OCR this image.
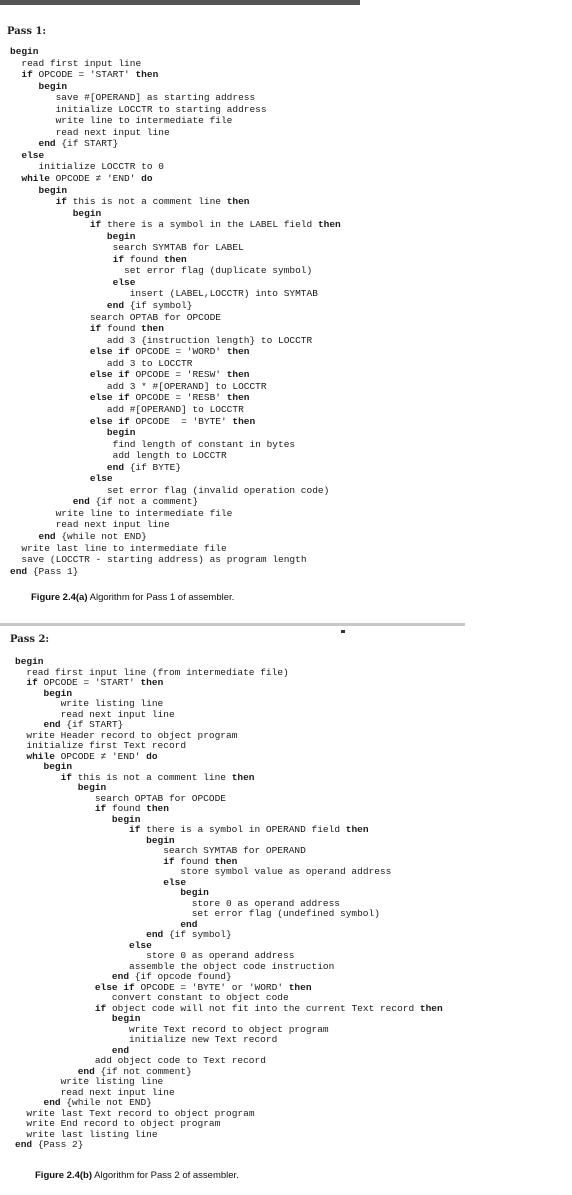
Pass 1:
begin
read first input line
if OPCODE = 'START' then
begin
save #[OPERAND] as starting address
initialize LOCCTR to starting address
write line to intermediate file
read next input line
end {if START}
else
initialize LOCCTR to 0
while OPCODE ≠ 'END' do
begin
if this is not a comment line then
begin
if there is a symbol in the LABEL field then
begin
search SYMTAB for LABEL
if found then
set error flag (duplicate symbol)
else
insert (LABEL,LOCCTR) into SYMTAB
end {if symbol}
search OPTAB for OPCODE
if found then
add 3 {instruction length} to LOCCTR
else if OPCODE = 'WORD' then
add 3 to LOCCTR
else if OPCODE = 'RESW' then
add 3 * #[OPERAND] to LOCCTR
else if OPCODE = 'RESB' then
add #[OPERAND] to LOCCTR
else if OPCODE = 'BYTE' then
begin
find length of constant in bytes
add length to LOCCTR
end {if BYTE}
else
set error flag (invalid operation code)
end {if not a comment}
write line to intermediate file
read next input line
end {while not END}
write last line to intermediate file
save (LOCCTR - starting address) as program length
end {Pass 1}
Figure 2.4(a) Algorithm for Pass 1 of assembler.
Pass 2:
begin
read first input line (from intermediate file)
if OPCODE = 'START' then
begin
write listing line
read next input line
end {if START}
write Header record to object program
initialize first Text record
while OPCODE ≠ 'END' do
begin
if this is not a comment line then
begin
search OPTAB for OPCODE
if found then
begin
if there is a symbol in OPERAND field then
begin
search SYMTAB for OPERAND
if found then
store symbol value as operand address
else
begin
store 0 as operand address
set error flag (undefined symbol)
end
end {if symbol}
else
store 0 as operand address
assemble the object code instruction
end {if opcode found}
else if OPCODE = 'BYTE' or 'WORD' then
convert constant to object code
if object code will not fit into the current Text record then
begin
write Text record to object program
initialize new Text record
end
add object code to Text record
end {if not comment}
write listing line
read next input line
end {while not END}
write last Text record to object program
write End record to object program
write last listing line
end {Pass 2}
Figure 2.4(b) Algorithm for Pass 2 of assembler.
